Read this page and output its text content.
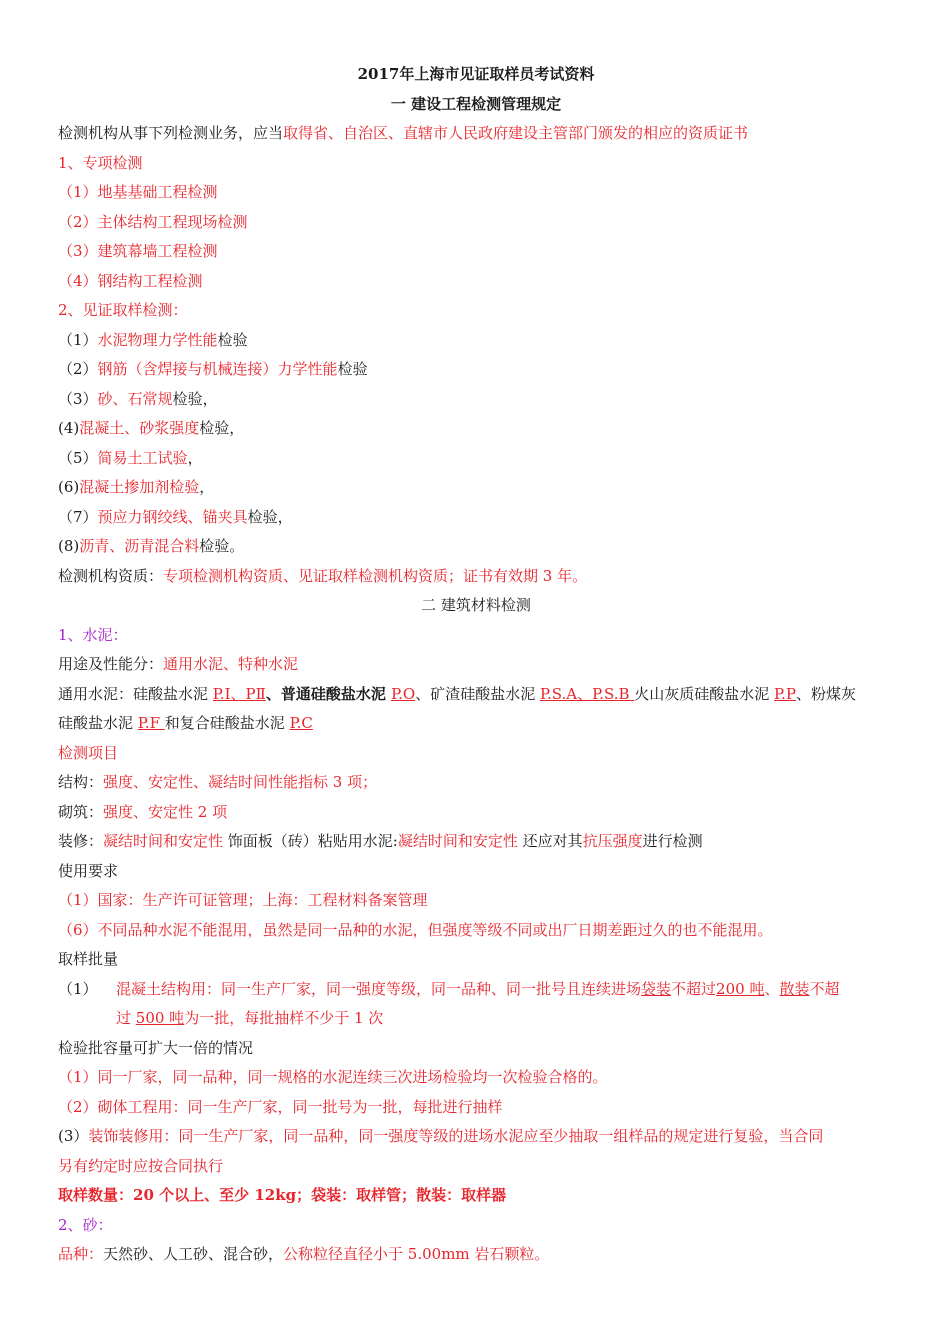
2017年上海市见证取样员考试资料
一 建设工程检测管理规定
检测机构从事下列检测业务，应当取得省、自治区、直辖市人民政府建设主管部门颁发的相应的资质证书
1、专项检测
（1）地基基础工程检测
（2）主体结构工程现场检测
（3）建筑幕墙工程检测
（4）钢结构工程检测
2、见证取样检测：
（1）水泥物理力学性能检验
（2）钢筋（含焊接与机械连接）力学性能检验
（3）砂、石常规检验，
(4)混凝土、砂浆强度检验，
（5）简易土工试验，
(6)混凝土掺加剂检验，
（7）预应力钢绞线、锚夹具检验，
(8)沥青、沥青混合料检验。
检测机构资质：专项检测机构资质、见证取样检测机构资质；证书有效期 3 年。
二 建筑材料检测
1、水泥：
用途及性能分：通用水泥、特种水泥
通用水泥：硅酸盐水泥 P.Ⅰ、PⅡ、普通硅酸盐水泥 P.O、矿渣硅酸盐水泥 P.S.A、P.S.B 火山灰质硅酸盐水泥 P.P、粉煤灰
硅酸盐水泥 P.F 和复合硅酸盐水泥 P.C
检测项目
结构：强度、安定性、凝结时间性能指标 3 项；
砌筑：强度、安定性 2 项
装修：凝结时间和安定性 饰面板（砖）粘贴用水泥:凝结时间和安定性 还应对其抗压强度进行检测
使用要求
（1）国家：生产许可证管理；上海：工程材料备案管理
（6）不同品种水泥不能混用，虽然是同一品种的水泥，但强度等级不同或出厂日期差距过久的也不能混用。
取样批量
（1） 混凝土结构用：同一生产厂家，同一强度等级，同一品种、同一批号且连续进场袋装不超过200 吨、散装不超
过 500 吨为一批，每批抽样不少于 1 次
检验批容量可扩大一倍的情况
（1）同一厂家，同一品种，同一规格的水泥连续三次进场检验均一次检验合格的。
（2）砌体工程用：同一生产厂家，同一批号为一批，每批进行抽样
(3）装饰装修用：同一生产厂家，同一品种，同一强度等级的进场水泥应至少抽取一组样品的规定进行复验，当合同
另有约定时应按合同执行
取样数量：20 个以上、至少 12kg；袋装：取样管；散装：取样器
2、砂：
品种：天然砂、人工砂、混合砂，公称粒径直径小于 5.00mm 岩石颗粒。
